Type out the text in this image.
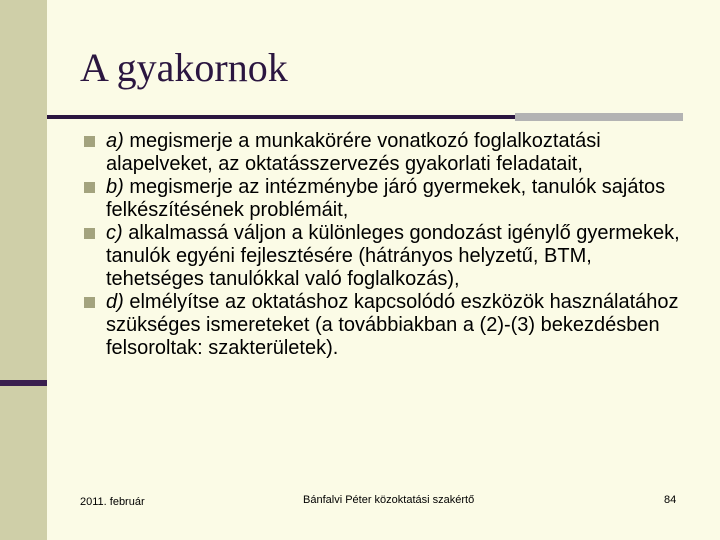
A gyakornok
a) megismerje a munkakörére vonatkozó foglalkoztatási alapelveket, az oktatásszervezés gyakorlati feladatait,
b) megismerje az intézménybe járó gyermekek, tanulók sajátos felkészítésének problémáit,
c) alkalmassá váljon a különleges gondozást igénylő gyermekek, tanulók egyéni fejlesztésére (hátrányos helyzetű, BTM, tehetséges tanulókkal való foglalkozás),
d) elmélyítse az oktatáshoz kapcsolódó eszközök használatához szükséges ismereteket (a továbbiakban a (2)-(3) bekezdésben felsoroltak: szakterületek).
2011. február	Bánfalvi Péter közoktatási szakértő	84
